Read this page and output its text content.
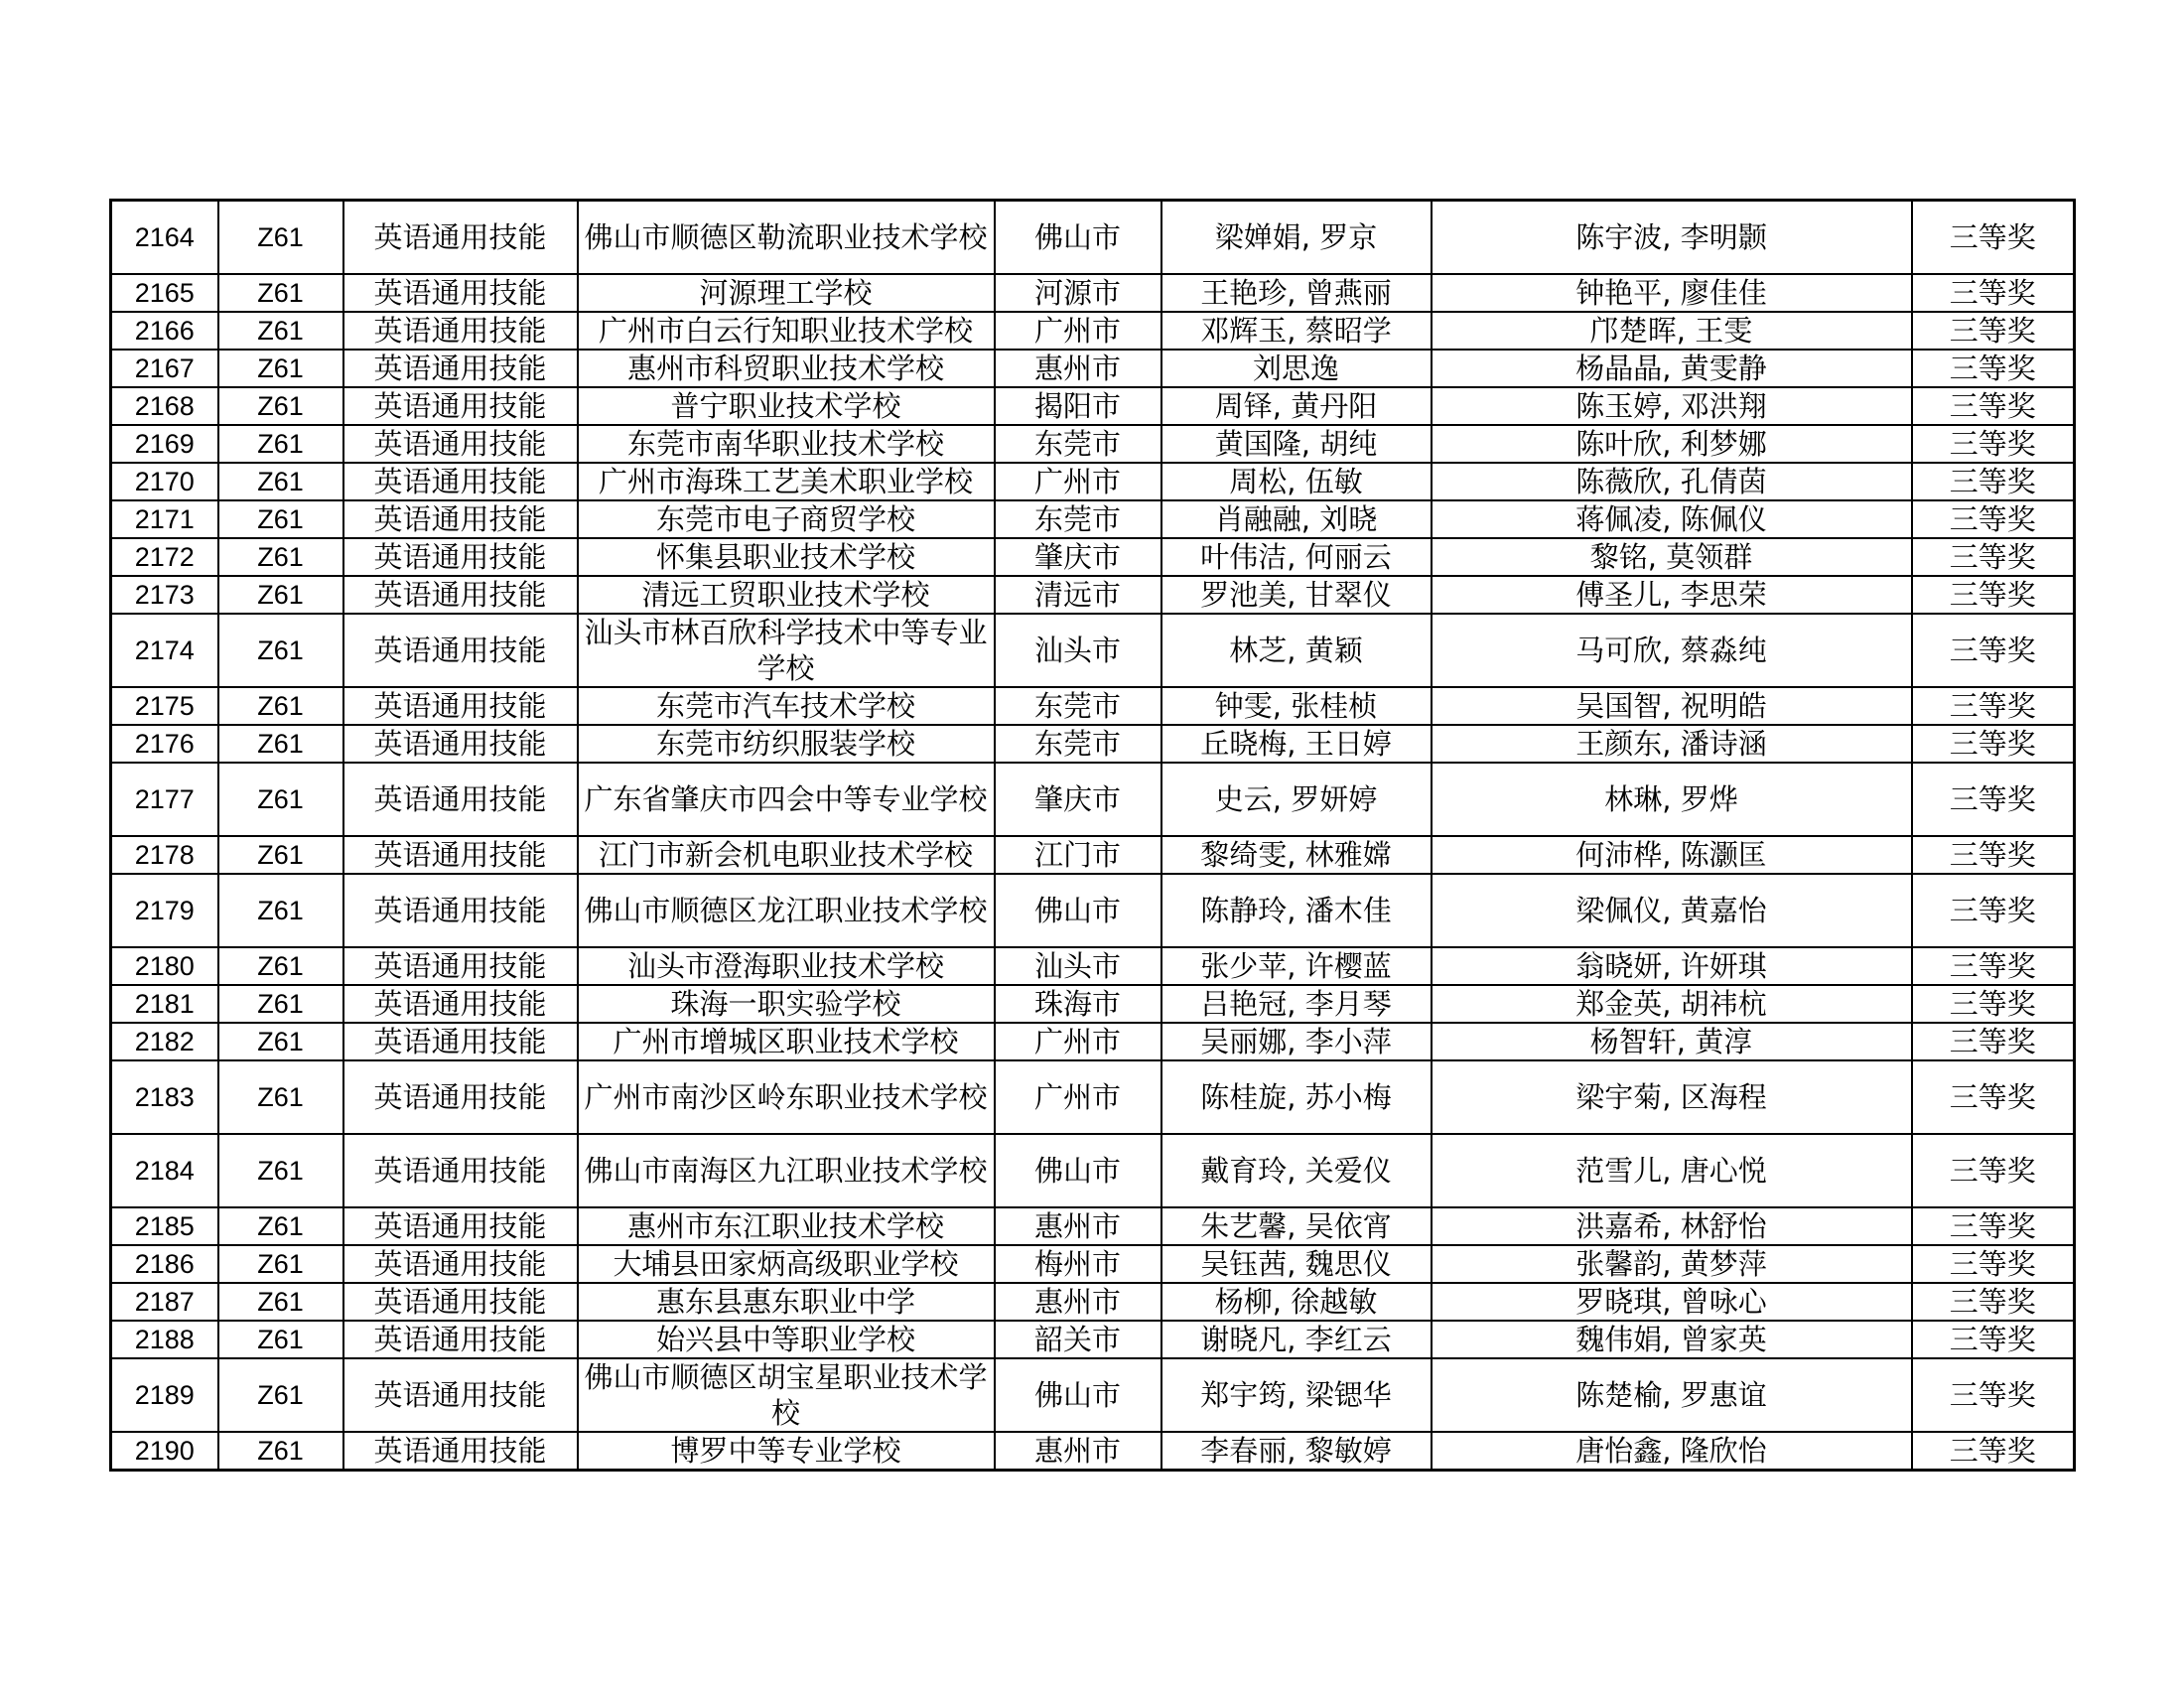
2164	Z61	英语通用技能	佛山市顺德区勒流职业技术学校	佛山市	梁婵娟, 罗京	陈宇波, 李明颢	三等奖
2165	Z61	英语通用技能	河源理工学校	河源市	王艳珍, 曾燕丽	钟艳平, 廖佳佳	三等奖
2166	Z61	英语通用技能	广州市白云行知职业技术学校	广州市	邓辉玉, 蔡昭学	邝楚晖, 王雯	三等奖
2167	Z61	英语通用技能	惠州市科贸职业技术学校	惠州市	刘思逸	杨晶晶, 黄雯静	三等奖
2168	Z61	英语通用技能	普宁职业技术学校	揭阳市	周铎, 黄丹阳	陈玉婷, 邓洪翔	三等奖
2169	Z61	英语通用技能	东莞市南华职业技术学校	东莞市	黄国隆, 胡纯	陈叶欣, 利梦娜	三等奖
2170	Z61	英语通用技能	广州市海珠工艺美术职业学校	广州市	周松, 伍敏	陈薇欣, 孔倩茵	三等奖
2171	Z61	英语通用技能	东莞市电子商贸学校	东莞市	肖融融, 刘晓	蒋佩凌, 陈佩仪	三等奖
2172	Z61	英语通用技能	怀集县职业技术学校	肇庆市	叶伟洁, 何丽云	黎铭, 莫领群	三等奖
2173	Z61	英语通用技能	清远工贸职业技术学校	清远市	罗池美, 甘翠仪	傅圣儿, 李思荣	三等奖
2174	Z61	英语通用技能	汕头市林百欣科学技术中等专业学校	汕头市	林芝, 黄颖	马可欣, 蔡淼纯	三等奖
2175	Z61	英语通用技能	东莞市汽车技术学校	东莞市	钟雯, 张桂桢	吴国智, 祝明皓	三等奖
2176	Z61	英语通用技能	东莞市纺织服装学校	东莞市	丘晓梅, 王日婷	王颜东, 潘诗涵	三等奖
2177	Z61	英语通用技能	广东省肇庆市四会中等专业学校	肇庆市	史云, 罗妍婷	林琳, 罗烨	三等奖
2178	Z61	英语通用技能	江门市新会机电职业技术学校	江门市	黎绮雯, 林雅嫦	何沛桦, 陈灏匡	三等奖
2179	Z61	英语通用技能	佛山市顺德区龙江职业技术学校	佛山市	陈静玲, 潘木佳	梁佩仪, 黄嘉怡	三等奖
2180	Z61	英语通用技能	汕头市澄海职业技术学校	汕头市	张少苹, 许樱蓝	翁晓妍, 许妍琪	三等奖
2181	Z61	英语通用技能	珠海一职实验学校	珠海市	吕艳冠, 李月琴	郑金英, 胡祎杭	三等奖
2182	Z61	英语通用技能	广州市增城区职业技术学校	广州市	吴丽娜, 李小萍	杨智轩, 黄淳	三等奖
2183	Z61	英语通用技能	广州市南沙区岭东职业技术学校	广州市	陈桂旋, 苏小梅	梁宇菊, 区海程	三等奖
2184	Z61	英语通用技能	佛山市南海区九江职业技术学校	佛山市	戴育玲, 关爱仪	范雪儿, 唐心悦	三等奖
2185	Z61	英语通用技能	惠州市东江职业技术学校	惠州市	朱艺馨, 吴依宵	洪嘉希, 林舒怡	三等奖
2186	Z61	英语通用技能	大埔县田家炳高级职业学校	梅州市	吴钰茜, 魏思仪	张馨韵, 黄梦萍	三等奖
2187	Z61	英语通用技能	惠东县惠东职业中学	惠州市	杨柳, 徐越敏	罗晓琪, 曾咏心	三等奖
2188	Z61	英语通用技能	始兴县中等职业学校	韶关市	谢晓凡, 李红云	魏伟娟, 曾家英	三等奖
2189	Z61	英语通用技能	佛山市顺德区胡宝星职业技术学校	佛山市	郑宇筠, 梁锶华	陈楚榆, 罗惠谊	三等奖
2190	Z61	英语通用技能	博罗中等专业学校	惠州市	李春丽, 黎敏婷	唐怡鑫, 隆欣怡	三等奖
